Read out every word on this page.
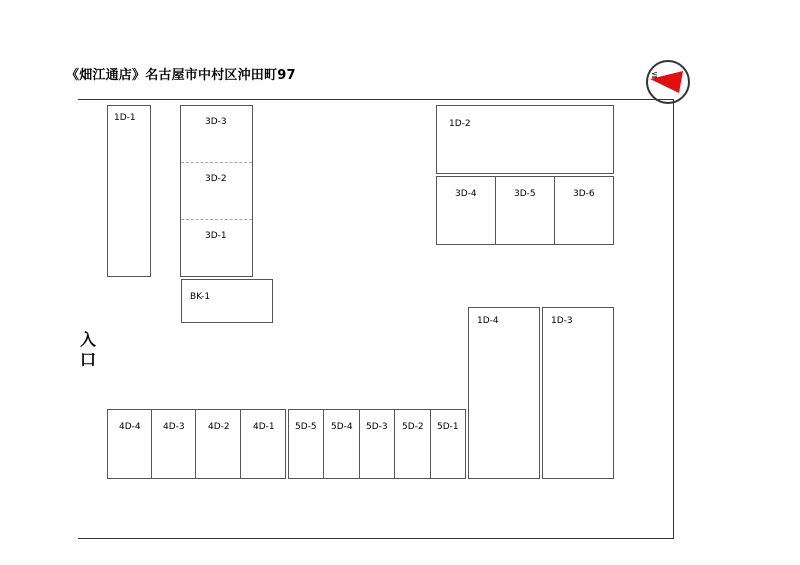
《畑江通店》名古屋市中村区沖田町97	≦
入
口
1D-1	3D-3
3D-2
3D-1
BK-1
1D-2
3D-4	3D-5	3D-6
1D-4	1D-3
4D-4 4D-3	4D-2	4D-1 5D-5 5D-4 5D-3 5D-2 5D-1
